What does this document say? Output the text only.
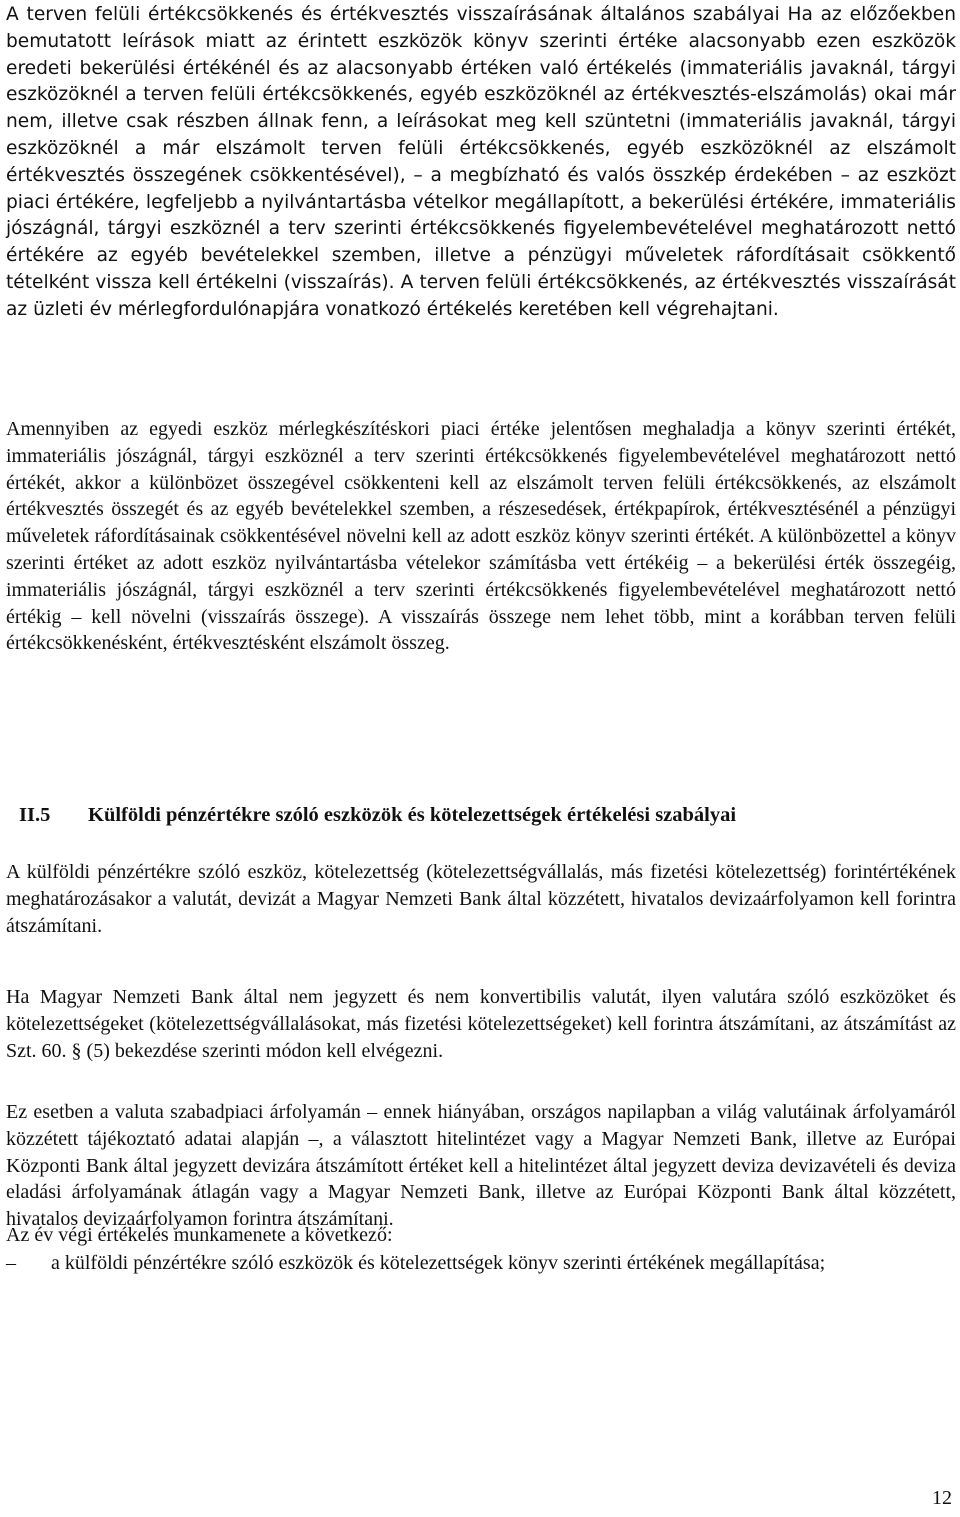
A terven felüli értékcsökkenés és értékvesztés visszaírásának általános szabályai Ha az előzőekben bemutatott leírások miatt az érintett eszközök könyv szerinti értéke alacsonyabb ezen eszközök eredeti bekerülési értékénél és az alacsonyabb értéken való értékelés (immateriális javaknál, tárgyi eszközöknél a terven felüli értékcsökkenés, egyéb eszközöknél az értékvesztés-elszámolás) okai már nem, illetve csak részben állnak fenn, a leírásokat meg kell szüntetni (immateriális javaknál, tárgyi eszközöknél a már elszámolt terven felüli értékcsökkenés, egyéb eszközöknél az elszámolt értékvesztés összegének csökkentésével), – a megbízható és valós összkép érdekében – az eszközt piaci értékére, legfeljebb a nyilvántartásba vételkor megállapított, a bekerülési értékére, immateriális jószágnál, tárgyi eszköznél a terv szerinti értékcsökkenés figyelembevételével meghatározott nettó értékére az egyéb bevételekkel szemben, illetve a pénzügyi műveletek ráfordításait csökkentő tételként vissza kell értékelni (visszaírás). A terven felüli értékcsökkenés, az értékvesztés visszaírását az üzleti év mérlegfordulónapjára vonatkozó értékelés keretében kell végrehajtani.

Amennyiben az egyedi eszköz mérlegkészítéskori piaci értéke jelentősen meghaladja a könyv szerinti értékét, immateriális jószágnál, tárgyi eszköznél a terv szerinti értékcsökkenés figyelembevételével meghatározott nettó értékét, akkor a különbözet összegével csökkenteni kell az elszámolt terven felüli értékcsökkenés, az elszámolt értékvesztés összegét és az egyéb bevételekkel szemben, a részesedések, értékpapírok, értékvesztésénél a pénzügyi műveletek ráfordításainak csökkentésével növelni kell az adott eszköz könyv szerinti értékét. A különbözettel a könyv szerinti értéket az adott eszköz nyilvántartásba vételekor számításba vett értékéig – a bekerülési érték összegéig, immateriális jószágnál, tárgyi eszköznél a terv szerinti értékcsökkenés figyelembevételével meghatározott nettó értékig – kell növelni (visszaírás összege). A visszaírás összege nem lehet több, mint a korábban terven felüli értékcsökkenésként, értékvesztésként elszámolt összeg.

II.5 Külföldi pénzértékre szóló eszközök és kötelezettségek értékelési szabályai

A külföldi pénzértékre szóló eszköz, kötelezettség (kötelezettségvállalás, más fizetési kötelezettség) forintértékének meghatározásakor a valutát, devizát a Magyar Nemzeti Bank által közzétett, hivatalos devizaárfolyamon kell forintra átszámítani.

Ha Magyar Nemzeti Bank által nem jegyzett és nem konvertibilis valutát, ilyen valutára szóló eszközöket és kötelezettségeket (kötelezettségvállalásokat, más fizetési kötelezettségeket) kell forintra átszámítani, az átszámítást az Szt. 60. § (5) bekezdése szerinti módon kell elvégezni.

Ez esetben a valuta szabadpiaci árfolyamán – ennek hiányában, országos napilapban a világ valutáinak árfolyamáról közzétett tájékoztató adatai alapján –, a választott hitelintézet vagy a Magyar Nemzeti Bank, illetve az Európai Központi Bank által jegyzett devizára átszámított értéket kell a hitelintézet által jegyzett deviza devizavételi és deviza eladási árfolyamának átlagán vagy a Magyar Nemzeti Bank, illetve az Európai Központi Bank által közzétett, hivatalos devizaárfolyamon forintra átszámítani.

Az év végi értékelés munkamenete a következő:

–	a külföldi pénzértékre szóló eszközök és kötelezettségek könyv szerinti értékének megállapítása;
12
